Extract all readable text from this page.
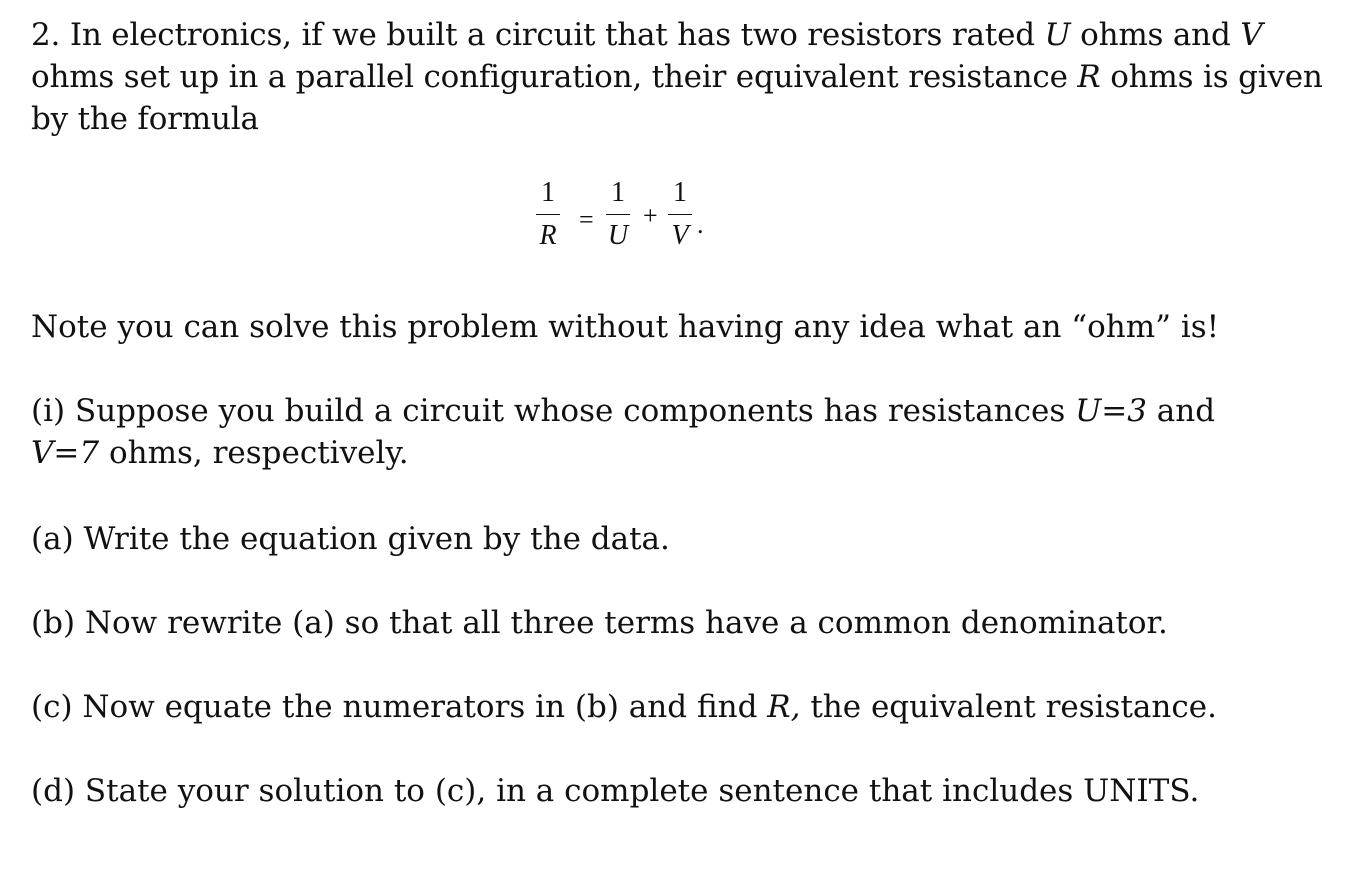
2. In electronics, if we built a circuit that has two resistors rated U ohms and V ohms set up in a parallel configuration, their equivalent resistance R ohms is given by the formula

1
R
=
1
U
+
1
V .

Note you can solve this problem without having any idea what an “ohm” is!

(i) Suppose you build a circuit whose components has resistances U=3 and V=7 ohms, respectively.

(a) Write the equation given by the data.

(b) Now rewrite (a) so that all three terms have a common denominator.

(c) Now equate the numerators in (b) and find R, the equivalent resistance.

(d) State your solution to (c), in a complete sentence that includes UNITS.
